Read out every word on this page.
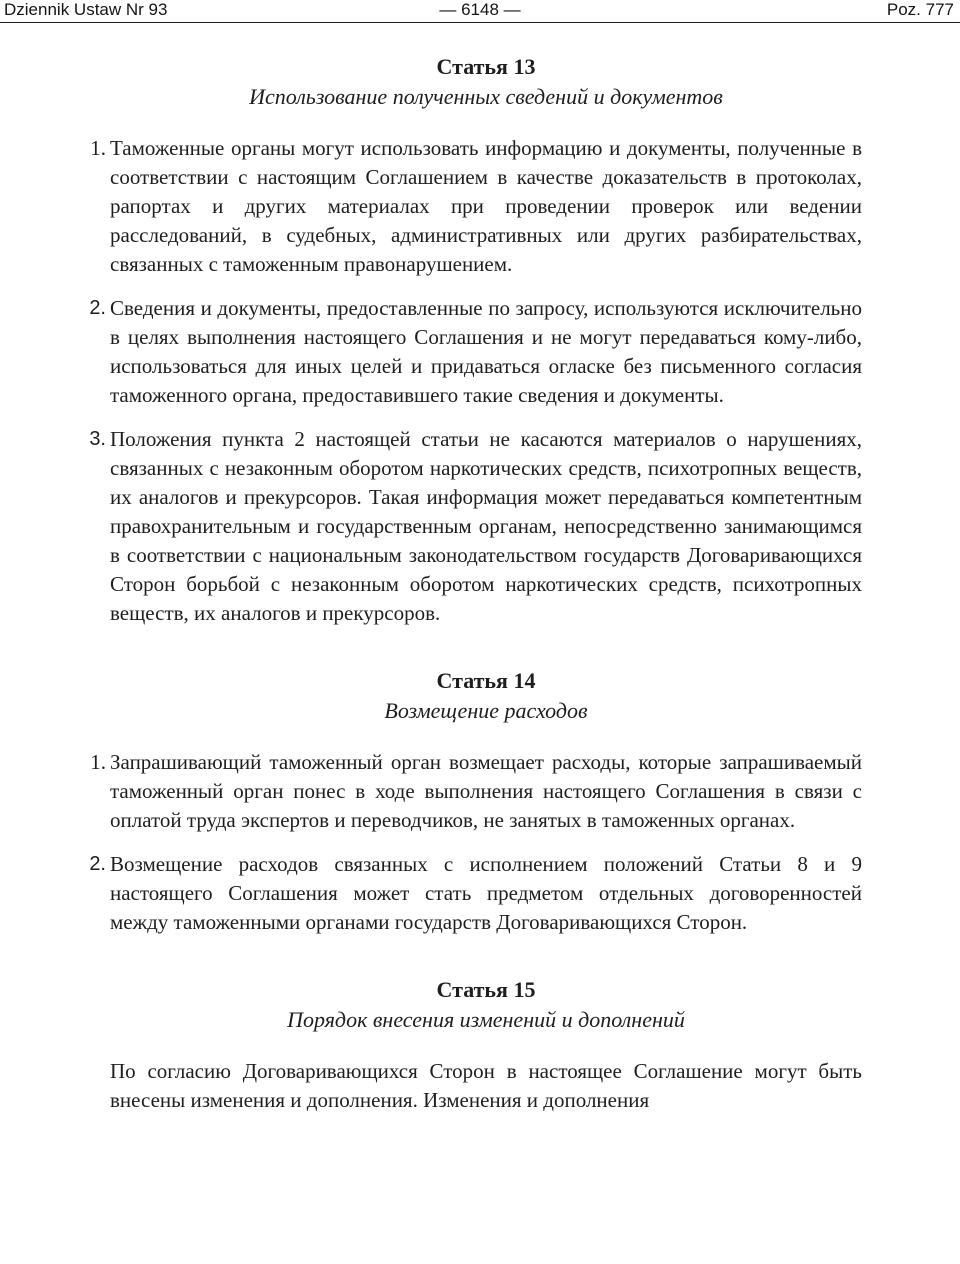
Dziennik Ustaw Nr 93	— 6148 —	Poz. 777
Статья 13
Использование полученных сведений и документов
1. Таможенные органы могут использовать информацию и документы, полученные в соответствии с настоящим Соглашением в качестве доказательств в протоколах, рапортах и других материалах при проведении проверок или ведении расследований, в судебных, административных или других разбирательствах, связанных с таможенным правонарушением.
2. Сведения и документы, предоставленные по запросу, используются исключительно в целях выполнения настоящего Соглашения и не могут передаваться кому-либо, использоваться для иных целей и придаваться огласке без письменного согласия таможенного органа, предоставившего такие сведения и документы.
3. Положения пункта 2 настоящей статьи не касаются материалов о нарушениях, связанных с незаконным оборотом наркотических средств, психотропных веществ, их аналогов и прекурсоров. Такая информация может передаваться компетентным правохранительным и государственным органам, непосредственно занимающимся в соответствии с национальным законодательством государств Договаривающихся Сторон борьбой с незаконным оборотом наркотических средств, психотропных веществ, их аналогов и прекурсоров.
Статья 14
Возмещение расходов
1. Запрашивающий таможенный орган возмещает расходы, которые запрашиваемый таможенный орган понес в ходе выполнения настоящего Соглашения в связи с оплатой труда экспертов и переводчиков, не занятых в таможенных органах.
2. Возмещение расходов связанных с исполнением положений Статьи 8 и 9 настоящего Соглашения может стать предметом отдельных договоренностей между таможенными органами государств Договаривающихся Сторон.
Статья 15
Порядок внесения изменений и дополнений
По согласию Договаривающихся Сторон в настоящее Соглашение могут быть внесены изменения и дополнения. Изменения и дополнения
